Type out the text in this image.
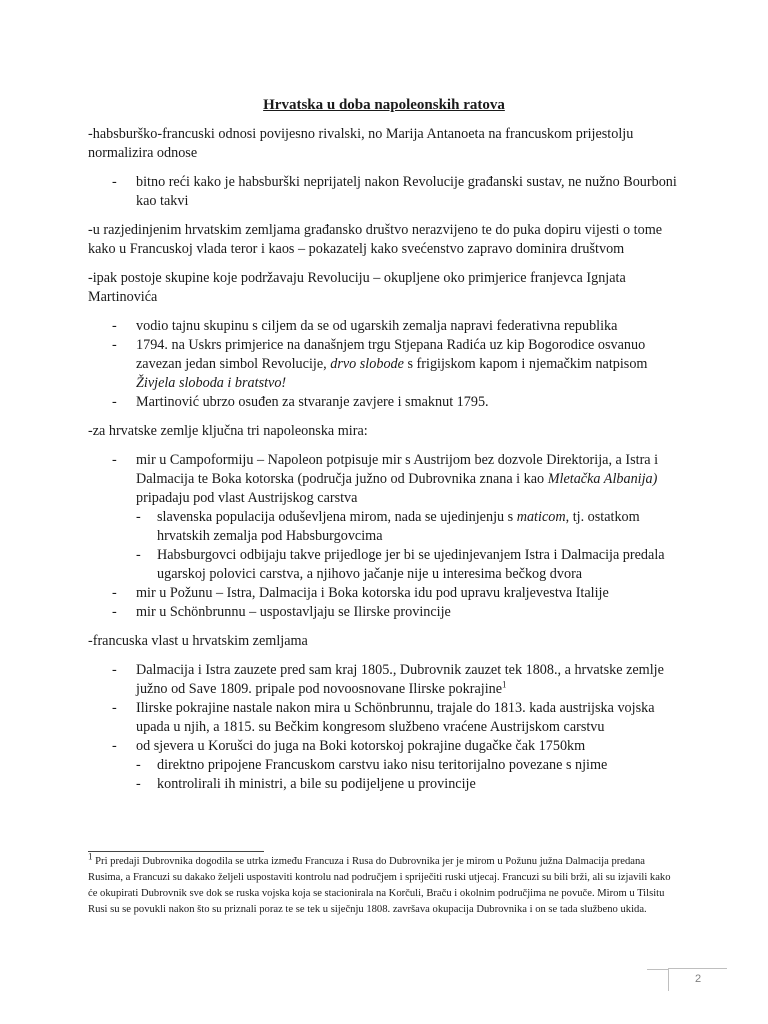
Hrvatska u doba napoleonskih ratova

-habsburško-francuski odnosi povijesno rivalski, no Marija Antanoeta na francuskom prijestolju normalizira odnose

- bitno reći kako je habsburški neprijatelj nakon Revolucije građanski sustav, ne nužno Bourboni kao takvi

-u razjedinjenim hrvatskim zemljama građansko društvo nerazvijeno te do puka dopiru vijesti o tome kako u Francuskoj vlada teror i kaos – pokazatelj kako svećenstvo zapravo dominira društvom

-ipak postoje skupine koje podržavaju Revoluciju – okupljene oko primjerice franjevca Ignjata Martinovića

- vodio tajnu skupinu s ciljem da se od ugarskih zemalja napravi federativna republika
- 1794. na Uskrs primjerice na današnjem trgu Stjepana Radića uz kip Bogorodice osvanuo zavezan jedan simbol Revolucije, drvo slobode s frigijskom kapom i njemačkim natpisom Živjela sloboda i bratstvo!
- Martinović ubrzo osuđen za stvaranje zavjere i smaknut 1795.

-za hrvatske zemlje ključna tri napoleonska mira:

- mir u Campoformiju – Napoleon potpisuje mir s Austrijom bez dozvole Direktorija, a Istra i Dalmacija te Boka kotorska (područja južno od Dubrovnika znana i kao Mletačka Albanija) pripadaju pod vlast Austrijskog carstva
- slavenska populacija oduševljena mirom, nada se ujedinjenju s maticom, tj. ostatkom hrvatskih zemalja pod Habsburgovcima
- Habsburgovci odbijaju takve prijedloge jer bi se ujedinjevanjem Istra i Dalmacija predala ugarskoj polovici carstva, a njihovo jačanje nije u interesima bečkog dvora
- mir u Požunu – Istra, Dalmacija i Boka kotorska idu pod upravu kraljevestva Italije
- mir u Schönbrunnu – uspostavljaju se Ilirske provincije

-francuska vlast u hrvatskim zemljama

- Dalmacija i Istra zauzete pred sam kraj 1805., Dubrovnik zauzet tek 1808., a hrvatske zemlje južno od Save 1809. pripale pod novoosnovane Ilirske pokrajine$^1$
- Ilirske pokrajine nastale nakon mira u Schönbrunnu, trajale do 1813. kada austrijska vojska upada u njih, a 1815. su Bečkim kongresom službeno vraćene Austrijskom carstvu
- od sjevera u Korušci do juga na Boki kotorskoj pokrajine dugačke čak 1750km
- direktno pripojene Francuskom carstvu iako nisu teritorijalno povezane s njime
- kontrolirali ih ministri, a bile su podijeljene u provincije
$^1$ Pri predaji Dubrovnika dogodila se utrka između Francuza i Rusa do Dubrovnika jer je mirom u Požunu južna Dalmacija predana Rusima, a Francuzi su dakako željeli uspostaviti kontrolu nad područjem i spriječiti ruski utjecaj. Francuzi su bili brži, ali su izjavili kako će okupirati Dubrovnik sve dok se ruska vojska koja se stacionirala na Korčuli, Braču i okolnim područjima ne povuče. Mirom u Tilsitu Rusi su se povukli nakon što su priznali poraz te se tek u siječnju 1808. završava okupacija Dubrovnika i on se tada službeno ukida.
2
